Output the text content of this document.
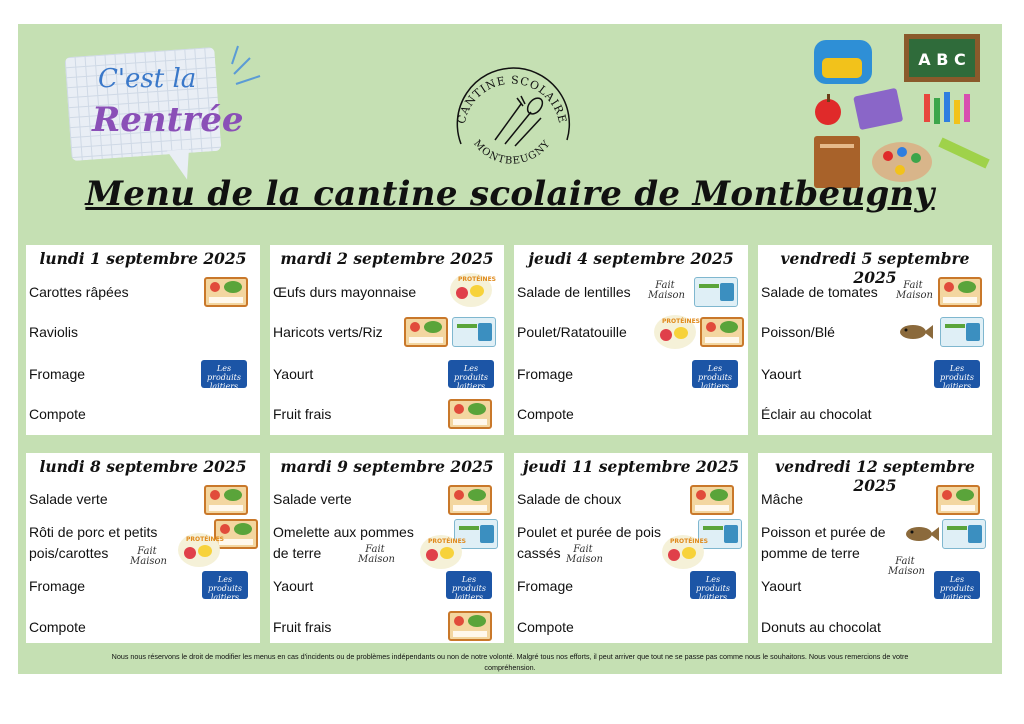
C'est la
Rentrée	CANTINE SCOLAIRE
MONTBEUGNY
A B C
Menu de la cantine scolaire de Montbeugny
lundi 1 septembre 2025
Carottes râpées
Raviolis
Fromage
Compote
Les produits laitiers
mardi 2 septembre 2025
Œufs durs mayonnaise
Haricots verts/Riz
Yaourt
Fruit frais
PROTÉINES
Les produits laitiers
jeudi 4 septembre 2025
Salade de lentilles
Poulet/Ratatouille
Fromage
Compote
Fait Maison
PROTÉINES
Les produits laitiers
vendredi 5 septembre 2025
Salade de tomates
Poisson/Blé
Yaourt
Éclair au chocolat
Fait Maison
Les produits laitiers
lundi 8 septembre 2025
Salade verte
Rôti de porc et petits
pois/carottes
Fromage
Compote
PROTÉINES
Fait Maison
Les produits laitiers
mardi 9 septembre 2025
Salade verte
Omelette aux pommes
de terre
Yaourt
Fruit frais
PROTÉINES
Fait Maison
Les produits laitiers
jeudi 11 septembre 2025
Salade de choux
Poulet et purée de pois
cassés
Fromage
Compote
PROTÉINES
Fait Maison
Les produits laitiers
vendredi 12 septembre 2025
Mâche
Poisson et purée de
pomme de terre
Yaourt
Donuts au chocolat
Fait Maison
Les produits laitiers
Nous nous réservons le droit de modifier les menus en cas d'incidents ou de problèmes indépendants ou non de notre volonté. Malgré tous nos efforts, il peut arriver que tout ne se passe pas comme nous le souhaitons. Nous vous remercions de votre
compréhension.
